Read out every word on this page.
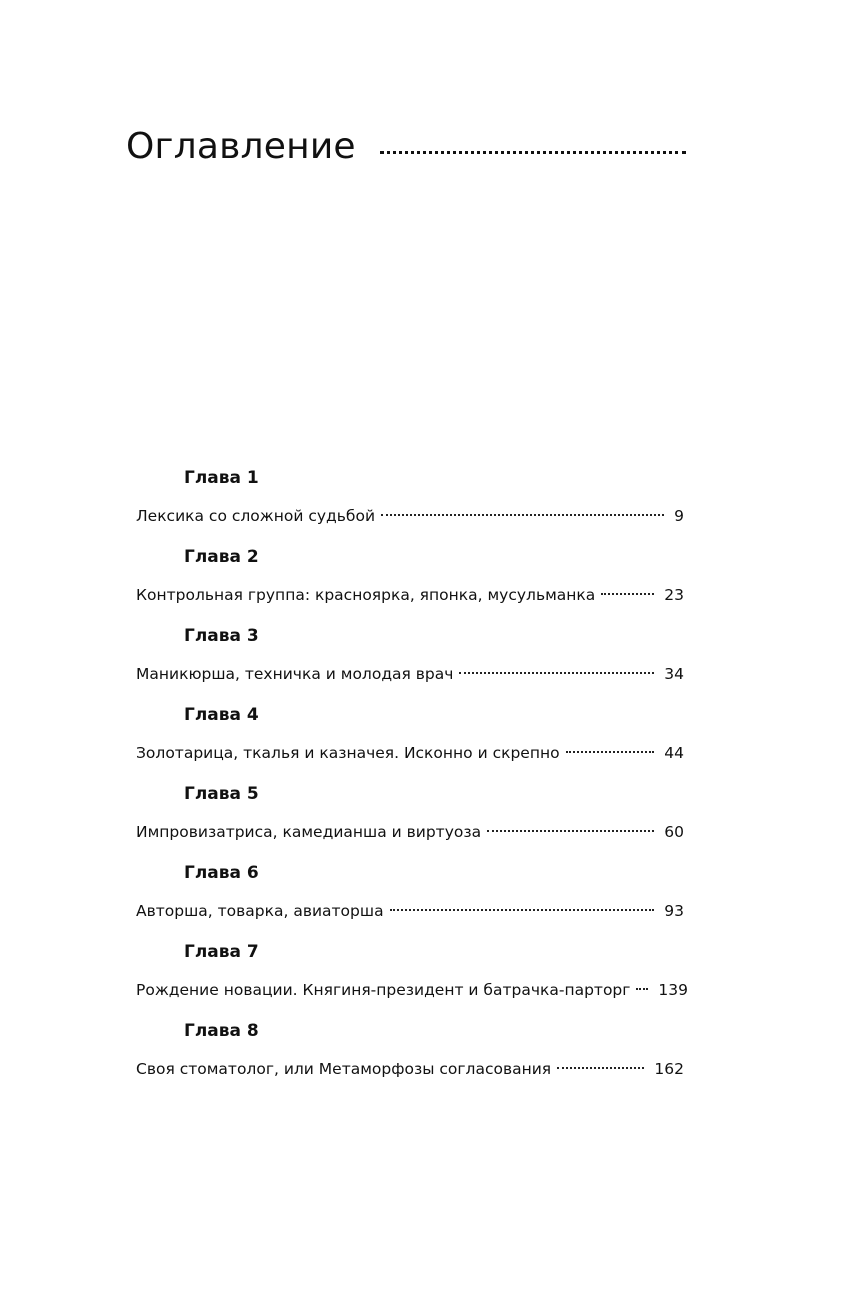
Оглавление
Глава 1
Лексика со сложной судьбой	9
Глава 2
Контрольная группа: красноярка, японка, мусульманка	23
Глава 3
Маникюрша, техничка и молодая врач	34
Глава 4
Золотарица, ткалья и казначея. Исконно и скрепно	44
Глава 5
Импровизатриса, камедианша и виртуоза	60
Глава 6
Авторша, товарка, авиаторша	93
Глава 7
Рождение новации. Княгиня-президент и батрачка-парторг 139
Глава 8
Своя стоматолог, или Метаморфозы согласования	162
